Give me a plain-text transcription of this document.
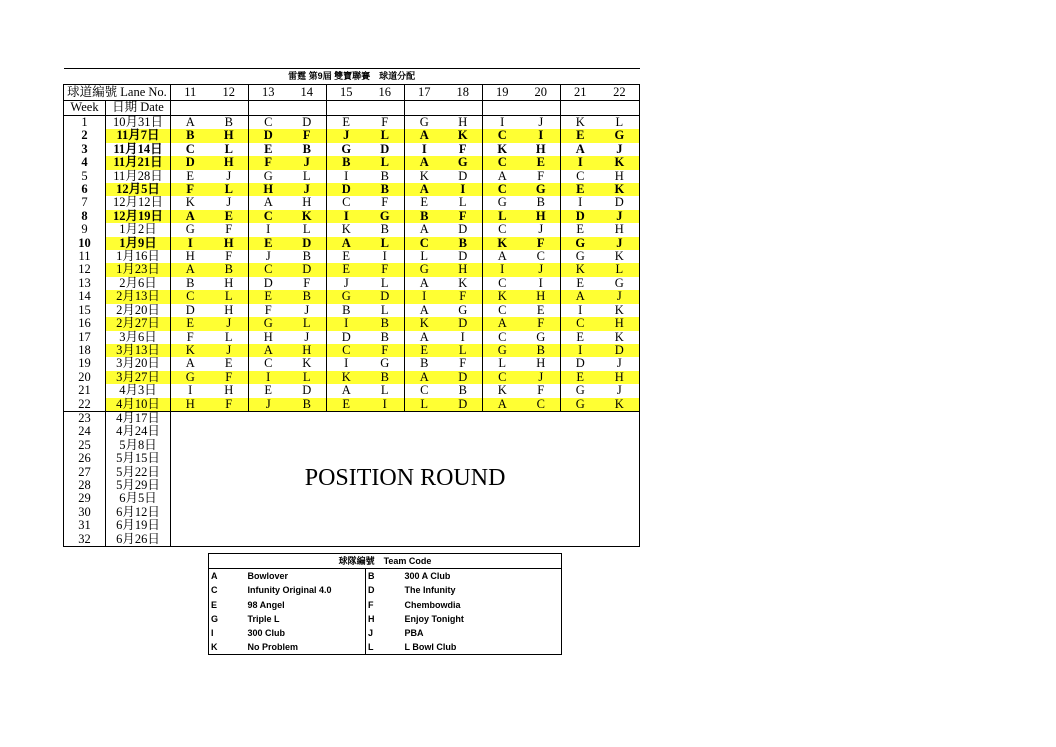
雷霆 第9屆 雙寶聯賽　球道分配													
球道編號 Lane No.		11	12	13	14	15	16	17	18	19	20	21	22
Week	日期 Date												
1	10月31日	A	B	C	D	E	F	G	H	I	J	K	L
2	11月7日	B	H	D	F	J	L	A	K	C	I	E	G
3	11月14日	C	L	E	B	G	D	I	F	K	H	A	J
4	11月21日	D	H	F	J	B	L	A	G	C	E	I	K
5	11月28日	E	J	G	L	I	B	K	D	A	F	C	H
6	12月5日	F	L	H	J	D	B	A	I	C	G	E	K
7	12月12日	K	J	A	H	C	F	E	L	G	B	I	D
8	12月19日	A	E	C	K	I	G	B	F	L	H	D	J
9	1月2日	G	F	I	L	K	B	A	D	C	J	E	H
10	1月9日	I	H	E	D	A	L	C	B	K	F	G	J
11	1月16日	H	F	J	B	E	I	L	D	A	C	G	K
12	1月23日	A	B	C	D	E	F	G	H	I	J	K	L
13	2月6日	B	H	D	F	J	L	A	K	C	I	E	G
14	2月13日	C	L	E	B	G	D	I	F	K	H	A	J
15	2月20日	D	H	F	J	B	L	A	G	C	E	I	K
16	2月27日	E	J	G	L	I	B	K	D	A	F	C	H
17	3月6日	F	L	H	J	D	B	A	I	C	G	E	K
18	3月13日	K	J	A	H	C	F	E	L	G	B	I	D
19	3月20日	A	E	C	K	I	G	B	F	L	H	D	J
20	3月27日	G	F	I	L	K	B	A	D	C	J	E	H
21	4月3日	I	H	E	D	A	L	C	B	K	F	G	J
22	4月10日	H	F	J	B	E	I	L	D	A	C	G	K
23	4月17日	POSITION ROUND											
24	4月24日												
25	5月8日												
26	5月15日												
27	5月22日												
28	5月29日												
29	6月5日												
30	6月12日												
31	6月19日												
32	6月26日												
球隊編號　Team Code			
A	Bowlover	B	300 A Club
C	Infunity Original 4.0	D	The Infunity
E	98 Angel	F	Chembowdia
G	Triple L	H	Enjoy Tonight
I	300 Club	J	PBA
K	No Problem	L	L Bowl Club
